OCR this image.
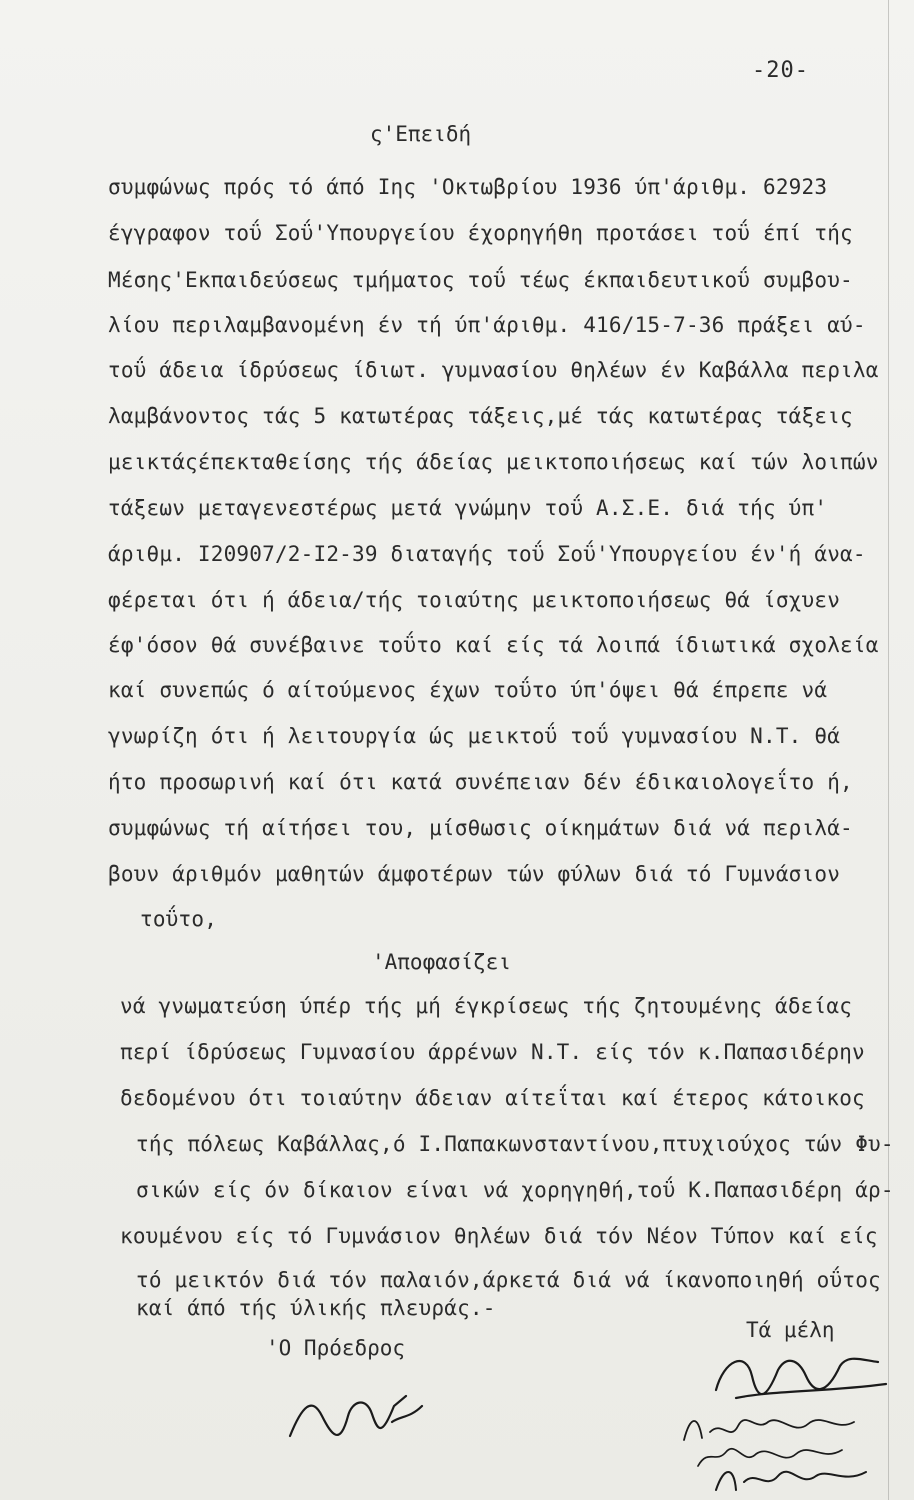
-20-
ς'Επειδή
συμφώνως πρός τό άπό Ιης 'Οκτωβρίου 1936 ύπ'άριθμ. 62923
έγγραφον τοΰ Σοΰ'Υπουργείου έχορηγήθη προτάσει τοΰ έπί τής
Μέσης'Εκπαιδεύσεως τμήματος τοΰ τέως έκπαιδευτικοΰ συμβου-
λίου περιλαμβανομένη έν τή ύπ'άριθμ. 416/15-7-36 πράξει αύ-
τοΰ άδεια ίδρύσεως ίδιωτ. γυμνασίου θηλέων έν Καβάλλα περιλα
λαμβάνοντος τάς 5 κατωτέρας τάξεις,μέ τάς κατωτέρας τάξεις
μεικτάςέπεκταθείσης τής άδείας μεικτοποιήσεως καί τών λοιπών
τάξεων μεταγενεστέρως μετά γνώμην τοΰ Α.Σ.Ε. διά τής ύπ'
άριθμ. I20907/2-I2-39 διαταγής τοΰ Σοΰ'Υπουργείου έν'ή άνα-
φέρεται ότι ή άδεια/τής τοιαύτης μεικτοποιήσεως θά ίσχυεν
έφ'όσον θά συνέβαινε τοΰτο καί είς τά λοιπά ίδιωτικά σχολεία
καί συνεπώς ό αίτούμενος έχων τοΰτο ύπ'όψει θά έπρεπε νά
γνωρίζη ότι ή λειτουργία ώς μεικτοΰ τοΰ γυμνασίου Ν.Τ. θά
ήτο προσωρινή καί ότι κατά συνέπειαν δέν έδικαιολογεΐτο ή,
συμφώνως τή αίτήσει του, μίσθωσις οίκημάτων διά νά περιλά-
βουν άριθμόν μαθητών άμφοτέρων τών φύλων διά τό Γυμνάσιον
τοΰτο,
'Αποφασίζει
νά γνωματεύση ύπέρ τής μή έγκρίσεως τής ζητουμένης άδείας
περί ίδρύσεως Γυμνασίου άρρένων Ν.Τ. είς τόν κ.Παπασιδέρην
δεδομένου ότι τοιαύτην άδειαν αίτεΐται καί έτερος κάτοικος
τής πόλεως Καβάλλας,ό Ι.Παπακωνσταντίνου,πτυχιούχος τών Φυ-
σικών είς όν δίκαιον είναι νά χορηγηθή,τοΰ Κ.Παπασιδέρη άρ-
κουμένου είς τό Γυμνάσιον θηλέων διά τόν Νέον Τύπον καί είς
τό μεικτόν διά τόν παλαιόν,άρκετά διά νά ίκανοποιηθή οΰτος
καί άπό τής ύλικής πλευράς.-
Τά μέλη
'Ο Πρόεδρος
